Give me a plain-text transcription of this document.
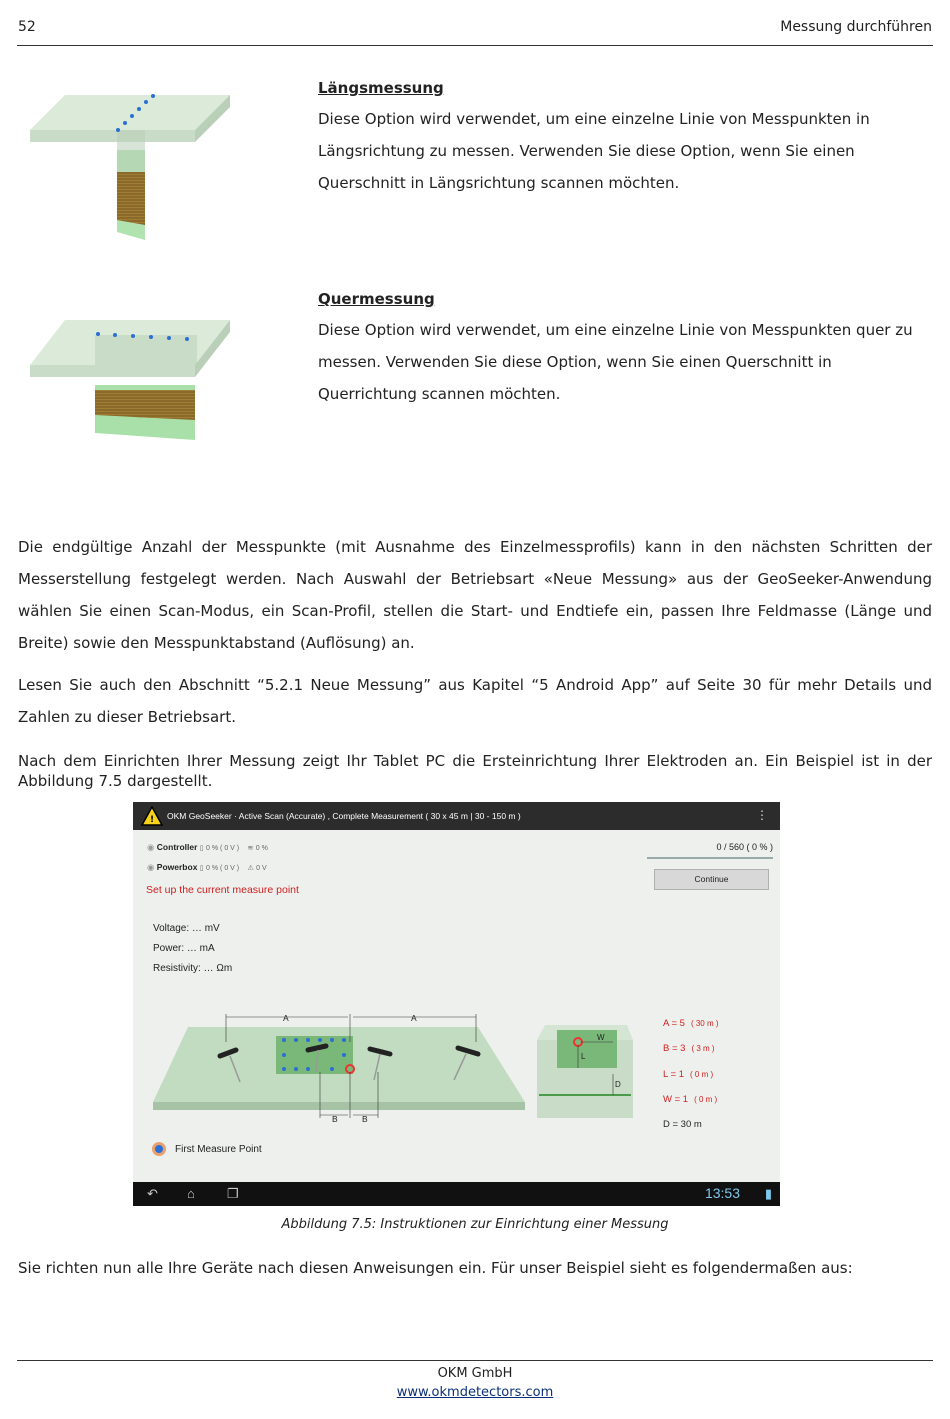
52	Messung durchführen
Längsmessung
Diese Option wird verwendet, um eine einzelne Linie von Messpunkten in Längsrichtung zu messen. Verwenden Sie diese Option, wenn Sie einen Querschnitt in Längsrichtung scannen möchten.
Quermessung
Diese Option wird verwendet, um eine einzelne Linie von Messpunkten quer zu messen. Verwenden Sie diese Option, wenn Sie einen Querschnitt in Querrichtung scannen möchten.
Die endgültige Anzahl der Messpunkte (mit Ausnahme des Einzelmessprofils) kann in den nächsten Schritten der Messerstellung festgelegt werden. Nach Auswahl der Betriebsart «Neue Messung» aus der GeoSeeker-Anwendung wählen Sie einen Scan-Modus, ein Scan-Profil, stellen die Start- und Endtiefe ein, passen Ihre Feldmasse (Länge und Breite) sowie den Messpunktabstand (Auflösung) an.
Lesen Sie auch den Abschnitt “5.2.1 Neue Messung” aus Kapitel “5 Android App” auf Seite 30 für mehr Details und Zahlen zu dieser Betriebsart.
Nach dem Einrichten Ihrer Messung zeigt Ihr Tablet PC die Ersteinrichtung Ihrer Elektroden an. Ein Beispiel ist in der Abbildung 7.5 dargestellt.
! OKM GeoSeeker · Active Scan (Accurate) , Complete Measurement ( 30 x 45 m | 30 - 150 m )	⋮
◉ Controller ▯ 0 % ( 0 V ) ≋ 0 %
◉ Powerbox ▯ 0 % ( 0 V ) ⚠ 0 V
Set up the current measure point
0 / 560 ( 0 % )
Continue
Voltage: … mV
Power: … mA
Resistivity: … Ωm
A	A
B	B
W
L
D
A = 5 ( 30 m )
B = 3 ( 3 m )
L = 1 ( 0 m )
W = 1 ( 0 m )
D = 30 m
First Measure Point
↶ ⌂ ❐	13:53 ▮
Abbildung 7.5: Instruktionen zur Einrichtung einer Messung
Sie richten nun alle Ihre Geräte nach diesen Anweisungen ein. Für unser Beispiel sieht es folgendermaßen aus:
OKM GmbH
www.okmdetectors.com
